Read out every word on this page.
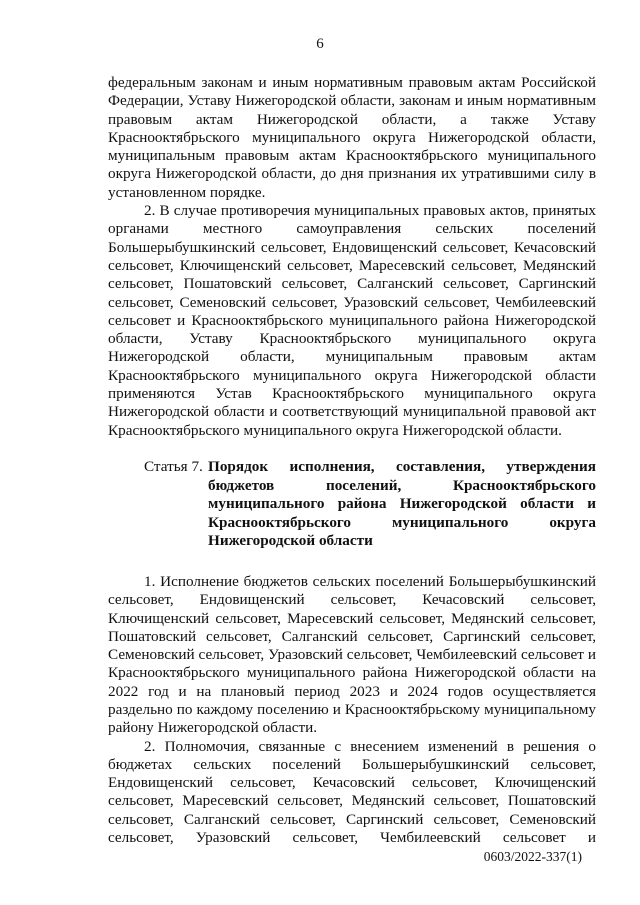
6

федеральным законам и иным нормативным правовым актам Российской Федерации, Уставу Нижегородской области, законам и иным нормативным правовым актам Нижегородской области, а также Уставу Краснооктябрьского муниципального округа Нижегородской области, муниципальным правовым актам Краснооктябрьского муниципального округа Нижегородской области, до дня признания их утратившими силу в установленном порядке.

2. В случае противоречия муниципальных правовых актов, принятых органами местного самоуправления сельских поселений Большерыбушкинский сельсовет, Ендовищенский сельсовет, Кечасовский сельсовет, Ключищенский сельсовет, Маресевский сельсовет, Медянский сельсовет, Пошатовский сельсовет, Салганский сельсовет, Саргинский сельсовет, Семеновский сельсовет, Уразовский сельсовет, Чембилеевский сельсовет и Краснооктябрьского муниципального района Нижегородской области, Уставу Краснооктябрьского муниципального округа Нижегородской области, муниципальным правовым актам Краснооктябрьского муниципального округа Нижегородской области применяются Устав Краснооктябрьского муниципального округа Нижегородской области и соответствующий муниципальной правовой акт Краснооктябрьского муниципального округа Нижегородской области.

Статья 7. Порядок исполнения, составления, утверждения бюджетов поселений, Краснооктябрьского муниципального района Нижегородской области и Краснооктябрьского муниципального округа Нижегородской области

1. Исполнение бюджетов сельских поселений Большерыбушкинский сельсовет, Ендовищенский сельсовет, Кечасовский сельсовет, Ключищенский сельсовет, Маресевский сельсовет, Медянский сельсовет, Пошатовский сельсовет, Салганский сельсовет, Саргинский сельсовет, Семеновский сельсовет, Уразовский сельсовет, Чембилеевский сельсовет и Краснооктябрьского муниципального района Нижегородской области на 2022 год и на плановый период 2023 и 2024 годов осуществляется раздельно по каждому поселению и Краснооктябрьскому муниципальному району Нижегородской области.

2. Полномочия, связанные с внесением изменений в решения о бюджетах сельских поселений Большерыбушкинский сельсовет, Ендовищенский сельсовет, Кечасовский сельсовет, Ключищенский сельсовет, Маресевский сельсовет, Медянский сельсовет, Пошатовский сельсовет, Салганский сельсовет, Саргинский сельсовет, Семеновский сельсовет, Уразовский сельсовет, Чембилеевский сельсовет и

0603/2022-337(1)
